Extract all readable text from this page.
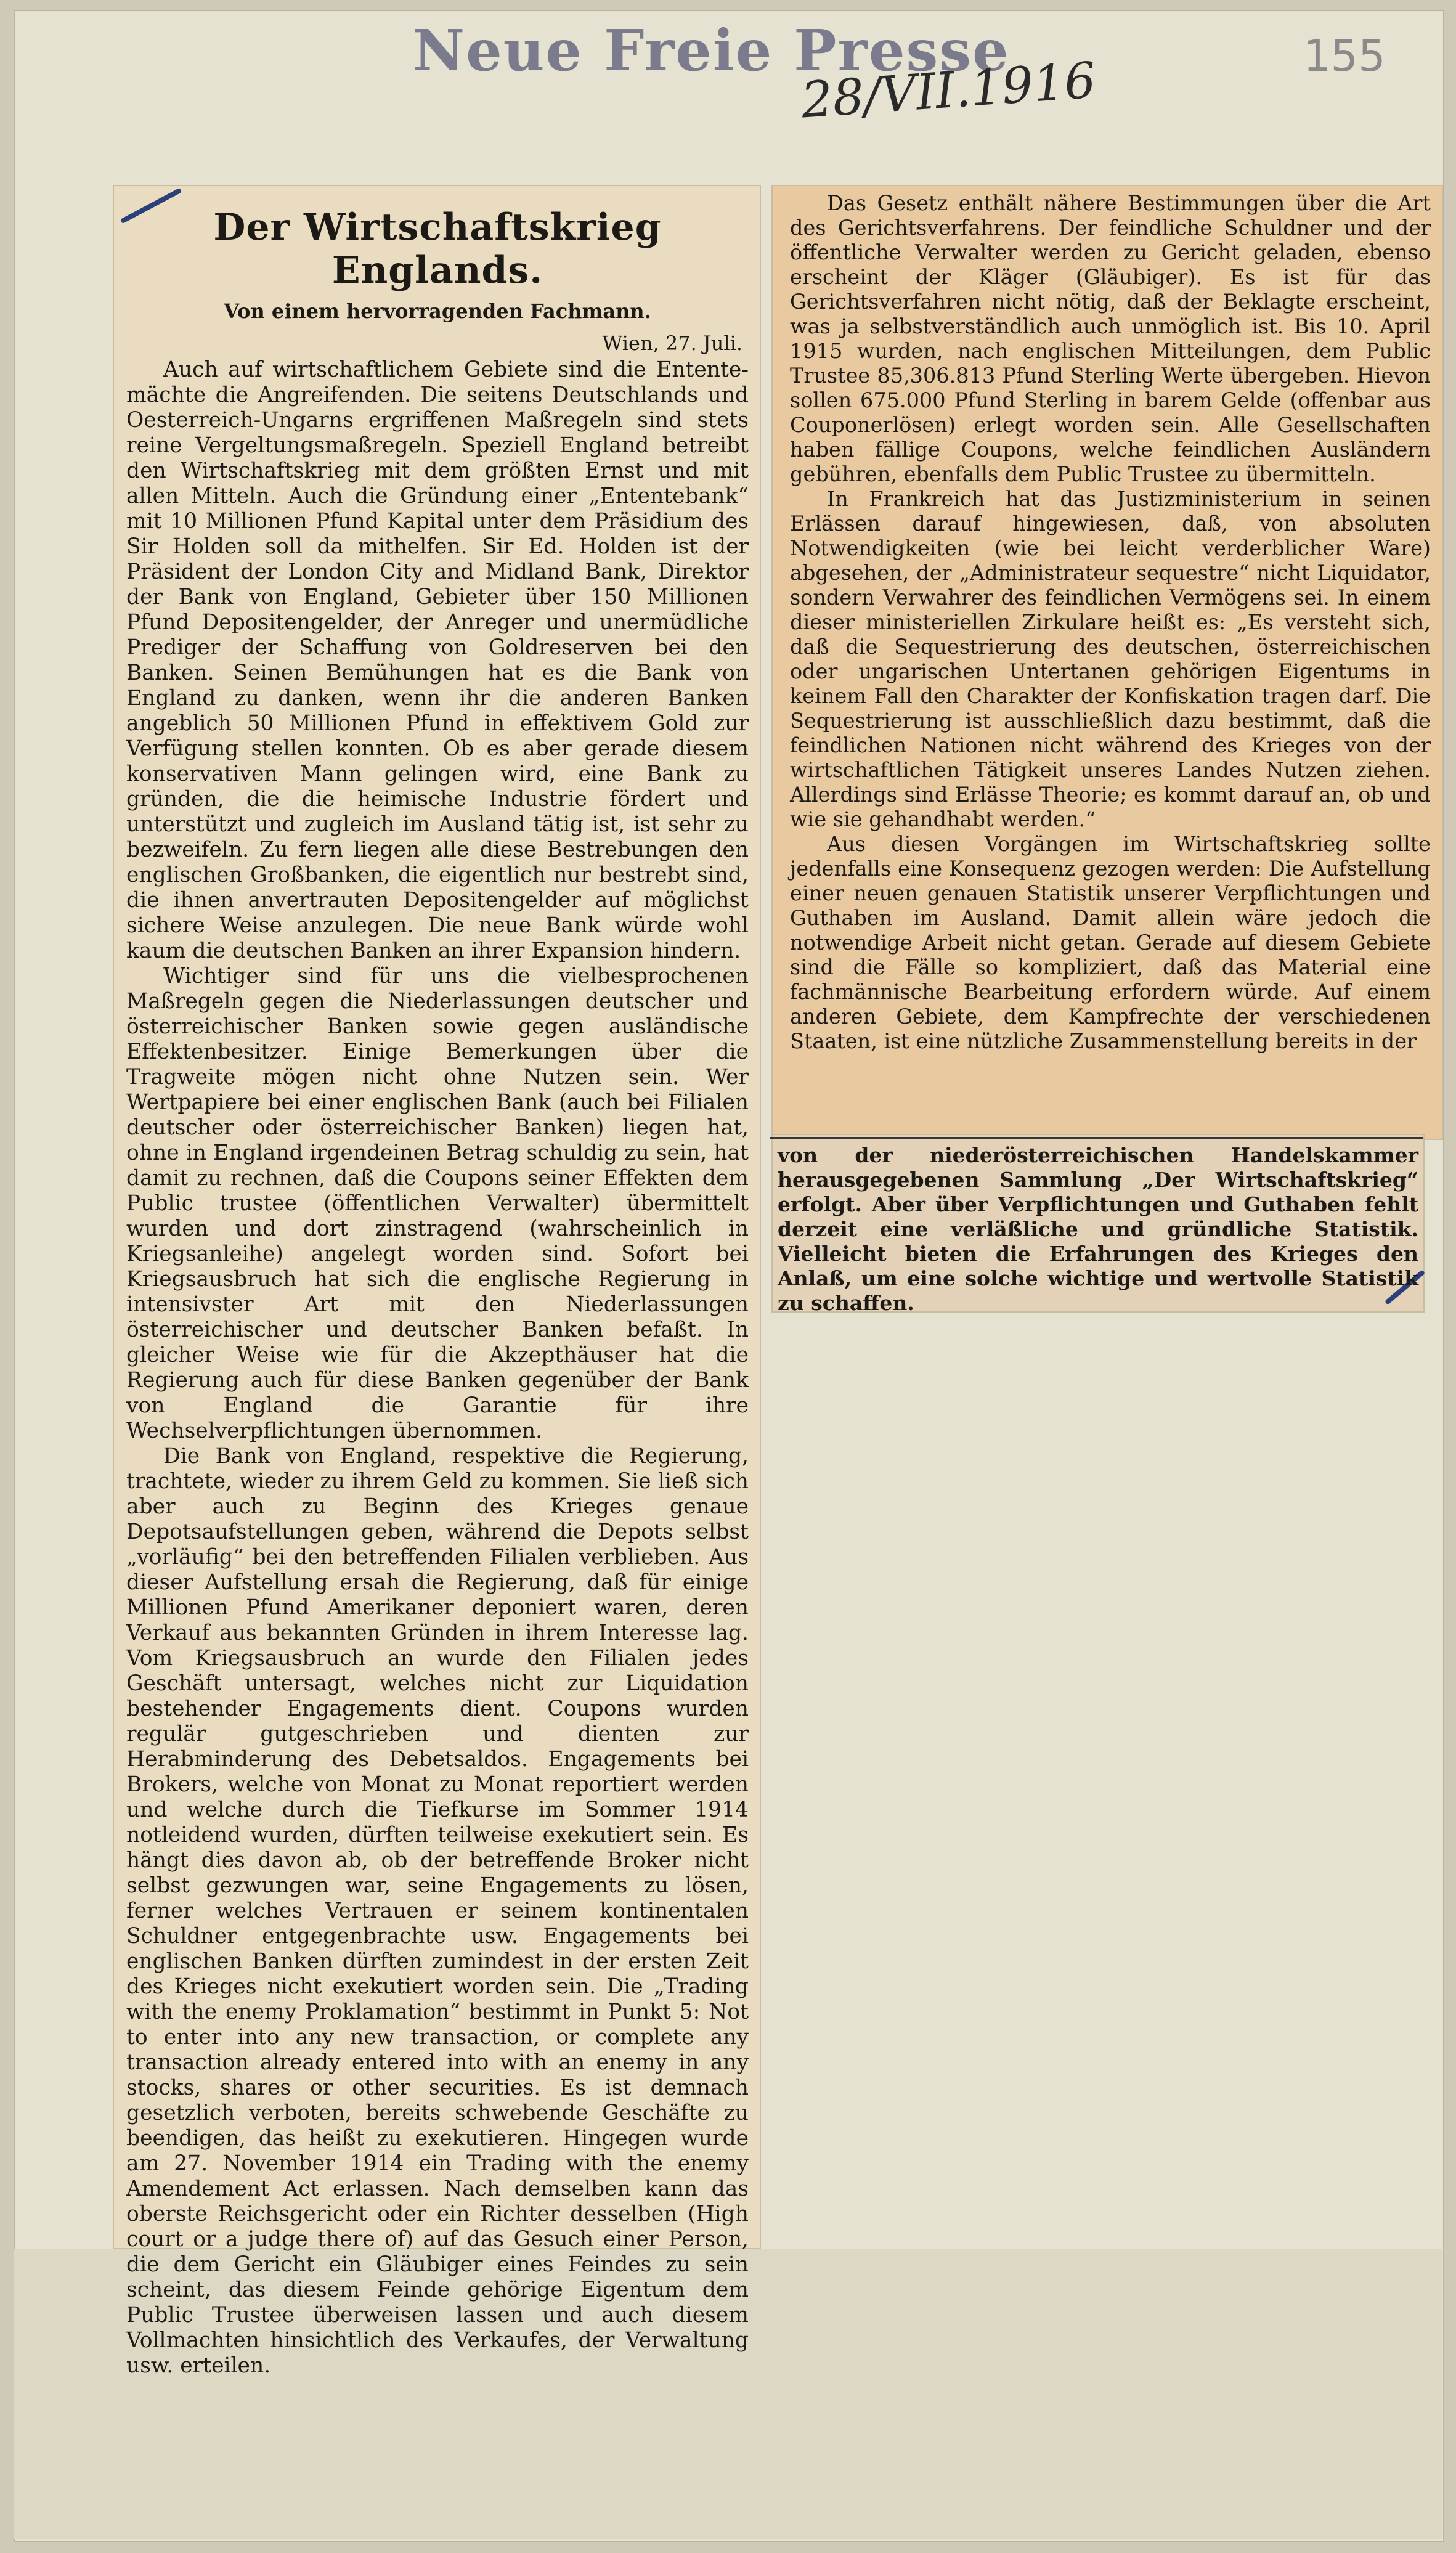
Neue Freie Presse
28/VII.1916	155
Der Wirtschaftskrieg Englands.
Von einem hervorragenden Fachmann.
Wien, 27. Juli.

Auch auf wirtschaftlichem Gebiete sind die Entente-mächte die Angreifenden. Die seitens Deutschlands und Oesterreich-Ungarns ergriffenen Maßregeln sind stets reine Vergeltungsmaßregeln. Speziell England betreibt den Wirtschaftskrieg mit dem größten Ernst und mit allen Mitteln. Auch die Gründung einer „Ententebank“ mit 10 Millionen Pfund Kapital unter dem Präsidium des Sir Holden soll da mithelfen. Sir Ed. Holden ist der Präsident der London City and Midland Bank, Direktor der Bank von England, Gebieter über 150 Millionen Pfund Depositengelder, der Anreger und unermüdliche Prediger der Schaffung von Goldreserven bei den Banken. Seinen Bemühungen hat es die Bank von England zu danken, wenn ihr die anderen Banken angeblich 50 Millionen Pfund in effektivem Gold zur Verfügung stellen konnten. Ob es aber gerade diesem konservativen Mann gelingen wird, eine Bank zu gründen, die die heimische Industrie fördert und unterstützt und zugleich im Ausland tätig ist, ist sehr zu bezweifeln. Zu fern liegen alle diese Bestrebungen den englischen Großbanken, die eigentlich nur bestrebt sind, die ihnen anvertrauten Depositengelder auf möglichst sichere Weise anzulegen. Die neue Bank würde wohl kaum die deutschen Banken an ihrer Expansion hindern.

Wichtiger sind für uns die vielbesprochenen Maßregeln gegen die Niederlassungen deutscher und österreichischer Banken sowie gegen ausländische Effektenbesitzer. Einige Bemerkungen über die Tragweite mögen nicht ohne Nutzen sein. Wer Wertpapiere bei einer englischen Bank (auch bei Filialen deutscher oder österreichischer Banken) liegen hat, ohne in England irgendeinen Betrag schuldig zu sein, hat damit zu rechnen, daß die Coupons seiner Effekten dem Public trustee (öffentlichen Verwalter) übermittelt wurden und dort zinstragend (wahrscheinlich in Kriegsanleihe) angelegt worden sind. Sofort bei Kriegsausbruch hat sich die englische Regierung in intensivster Art mit den Niederlassungen österreichischer und deutscher Banken befaßt. In gleicher Weise wie für die Akzepthäuser hat die Regierung auch für diese Banken gegenüber der Bank von England die Garantie für ihre Wechselverpflichtungen übernommen.

Die Bank von England, respektive die Regierung, trachtete, wieder zu ihrem Geld zu kommen. Sie ließ sich aber auch zu Beginn des Krieges genaue Depotsaufstellungen geben, während die Depots selbst „vorläufig“ bei den betreffenden Filialen verblieben. Aus dieser Aufstellung ersah die Regierung, daß für einige Millionen Pfund Amerikaner deponiert waren, deren Verkauf aus bekannten Gründen in ihrem Interesse lag. Vom Kriegsausbruch an wurde den Filialen jedes Geschäft untersagt, welches nicht zur Liquidation bestehender Engagements dient. Coupons wurden regulär gutgeschrieben und dienten zur Herabminderung des Debetsaldos. Engagements bei Brokers, welche von Monat zu Monat reportiert werden und welche durch die Tiefkurse im Sommer 1914 notleidend wurden, dürften teilweise exekutiert sein. Es hängt dies davon ab, ob der betreffende Broker nicht selbst gezwungen war, seine Engagements zu lösen, ferner welches Vertrauen er seinem kontinentalen Schuldner entgegenbrachte usw. Engagements bei englischen Banken dürften zumindest in der ersten Zeit des Krieges nicht exekutiert worden sein. Die „Trading with the enemy Proklamation“ bestimmt in Punkt 5: Not to enter into any new transaction, or complete any transaction already entered into with an enemy in any stocks, shares or other securities. Es ist demnach gesetzlich verboten, bereits schwebende Geschäfte zu beendigen, das heißt zu exekutieren. Hingegen wurde am 27. November 1914 ein Trading with the enemy Amendement Act erlassen. Nach demselben kann das oberste Reichsgericht oder ein Richter desselben (High court or a judge there of) auf das Gesuch einer Person, die dem Gericht ein Gläubiger eines Feindes zu sein scheint, das diesem Feinde gehörige Eigentum dem Public Trustee überweisen lassen und auch diesem Vollmachten hinsichtlich des Verkaufes, der Verwaltung usw. erteilen.

Das Gesetz enthält nähere Bestimmungen über die Art des Gerichtsverfahrens. Der feindliche Schuldner und der öffentliche Verwalter werden zu Gericht geladen, ebenso erscheint der Kläger (Gläubiger). Es ist für das Gerichtsverfahren nicht nötig, daß der Beklagte erscheint, was ja selbstverständlich auch unmöglich ist. Bis 10. April 1915 wurden, nach englischen Mitteilungen, dem Public Trustee 85,306.813 Pfund Sterling Werte übergeben. Hievon sollen 675.000 Pfund Sterling in barem Gelde (offenbar aus Couponerlösen) erlegt worden sein. Alle Gesellschaften haben fällige Coupons, welche feindlichen Ausländern gebühren, ebenfalls dem Public Trustee zu übermitteln.

In Frankreich hat das Justizministerium in seinen Erlässen darauf hingewiesen, daß, von absoluten Notwendigkeiten (wie bei leicht verderblicher Ware) abgesehen, der „Administrateur sequestre“ nicht Liquidator, sondern Verwahrer des feindlichen Vermögens sei. In einem dieser ministeriellen Zirkulare heißt es: „Es versteht sich, daß die Sequestrierung des deutschen, österreichischen oder ungarischen Untertanen gehörigen Eigentums in keinem Fall den Charakter der Konfiskation tragen darf. Die Sequestrierung ist ausschließlich dazu bestimmt, daß die feindlichen Nationen nicht während des Krieges von der wirtschaftlichen Tätigkeit unseres Landes Nutzen ziehen. Allerdings sind Erlässe Theorie; es kommt darauf an, ob und wie sie gehandhabt werden.“

Aus diesen Vorgängen im Wirtschaftskrieg sollte jedenfalls eine Konsequenz gezogen werden: Die Aufstellung einer neuen genauen Statistik unserer Verpflichtungen und Guthaben im Ausland. Damit allein wäre jedoch die notwendige Arbeit nicht getan. Gerade auf diesem Gebiete sind die Fälle so kompliziert, daß das Material eine fachmännische Bearbeitung erfordern würde. Auf einem anderen Gebiete, dem Kampfrechte der verschiedenen Staaten, ist eine nützliche Zusammenstellung bereits in der

von der niederösterreichischen Handelskammer herausgegebenen Sammlung „Der Wirtschaftskrieg“ erfolgt. Aber über Verpflichtungen und Guthaben fehlt derzeit eine verläßliche und gründliche Statistik. Vielleicht bieten die Erfahrungen des Krieges den Anlaß, um eine solche wichtige und wertvolle Statistik zu schaffen.
